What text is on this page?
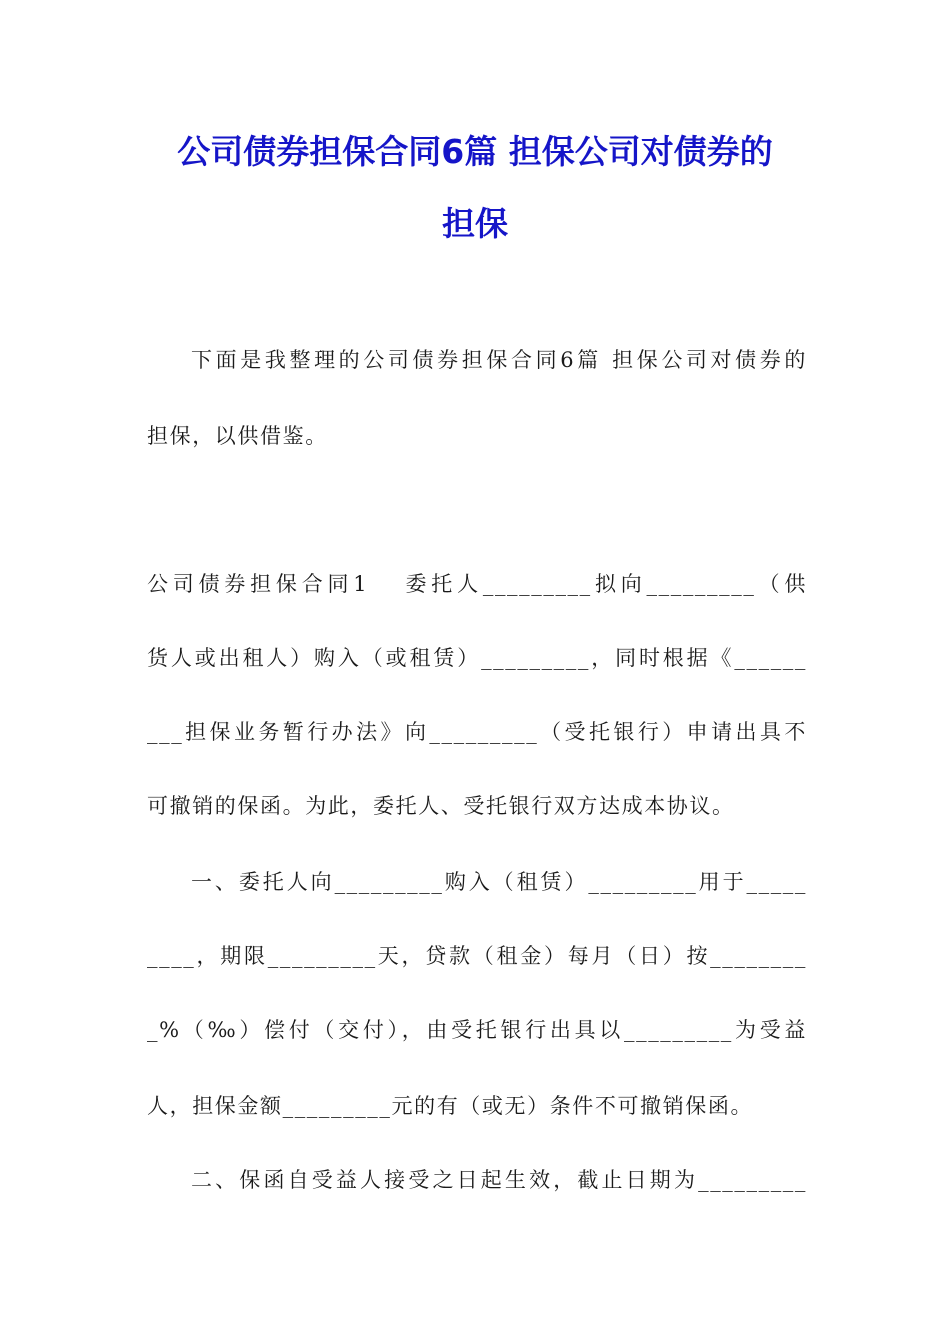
公司债券担保合同6篇 担保公司对债券的
担保
下面是我整理的公司债券担保合同6篇 担保公司对债券的
担保，以供借鉴。
公司债券担保合同1 　委托人_________拟向_________（供
货人或出租人）购入（或租赁）_________，同时根据《______
___担保业务暂行办法》向_________（受托银行）申请出具不
可撤销的保函。为此，委托人、受托银行双方达成本协议。
一、委托人向_________购入（租赁）_________用于_____
____，期限_________天，贷款（租金）每月（日）按________
_%（‰）偿付（交付），由受托银行出具以_________为受益
人，担保金额_________元的有（或无）条件不可撤销保函。
二、保函自受益人接受之日起生效，截止日期为_________
